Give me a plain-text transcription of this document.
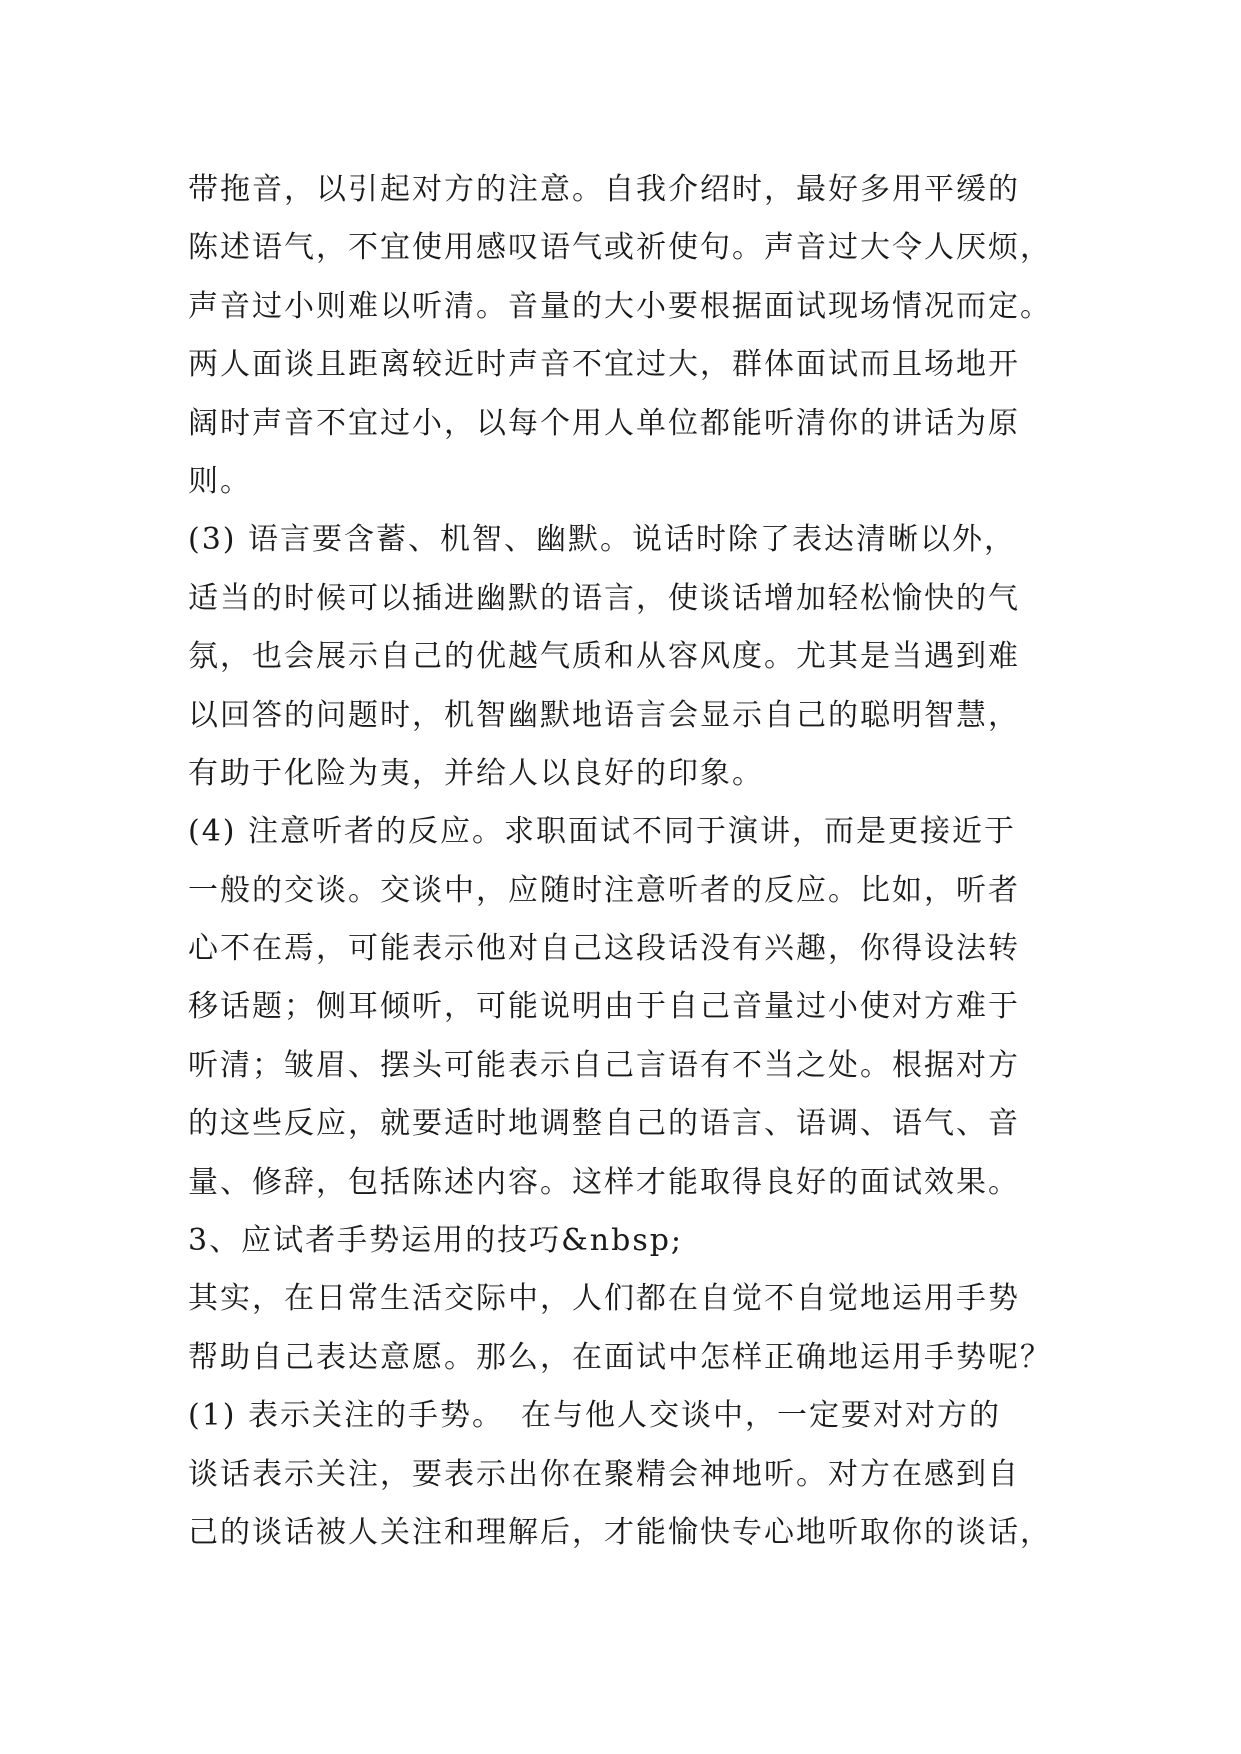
带拖音，以引起对方的注意。自我介绍时，最好多用平缓的
陈述语气，不宜使用感叹语气或祈使句。声音过大令人厌烦，
声音过小则难以听清。音量的大小要根据面试现场情况而定。
两人面谈且距离较近时声音不宜过大，群体面试而且场地开
阔时声音不宜过小，以每个用人单位都能听清你的讲话为原
则。
(3) 语言要含蓄、机智、幽默。说话时除了表达清晰以外，
适当的时候可以插进幽默的语言，使谈话增加轻松愉快的气
氛，也会展示自己的优越气质和从容风度。尤其是当遇到难
以回答的问题时，机智幽默地语言会显示自己的聪明智慧，
有助于化险为夷，并给人以良好的印象。
(4) 注意听者的反应。求职面试不同于演讲，而是更接近于
一般的交谈。交谈中，应随时注意听者的反应。比如，听者
心不在焉，可能表示他对自己这段话没有兴趣，你得设法转
移话题；侧耳倾听，可能说明由于自己音量过小使对方难于
听清；皱眉、摆头可能表示自己言语有不当之处。根据对方
的这些反应，就要适时地调整自己的语言、语调、语气、音
量、修辞，包括陈述内容。这样才能取得良好的面试效果。
3、应试者手势运用的技巧&nbsp;
其实，在日常生活交际中，人们都在自觉不自觉地运用手势
帮助自己表达意愿。那么，在面试中怎样正确地运用手势呢？
(1) 表示关注的手势。　在与他人交谈中，一定要对对方的
谈话表示关注，要表示出你在聚精会神地听。对方在感到自
己的谈话被人关注和理解后，才能愉快专心地听取你的谈话，
